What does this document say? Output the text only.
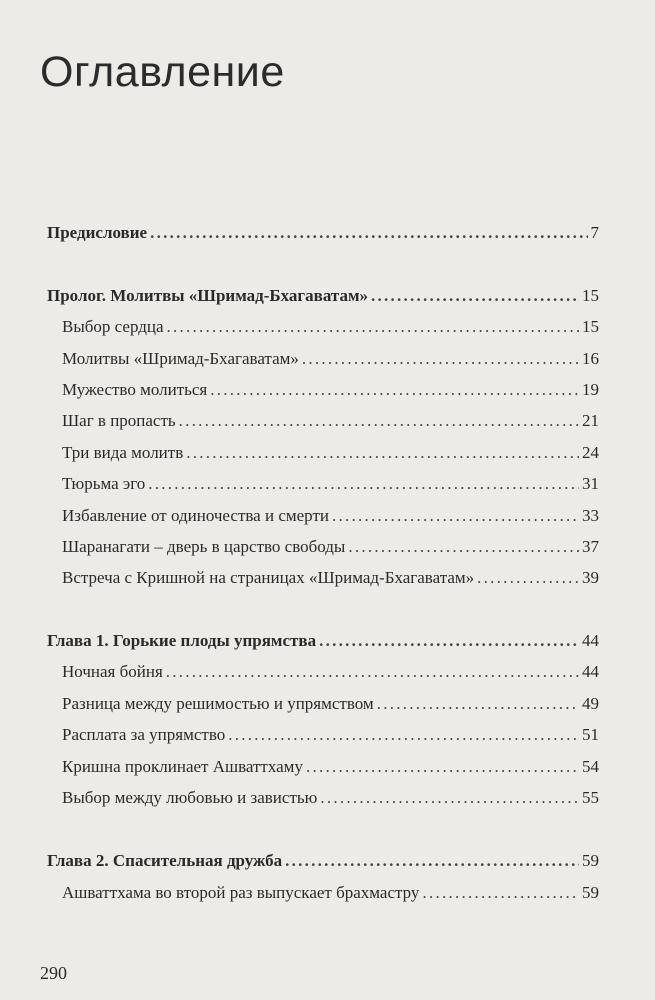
Оглавление
Предисловие . . .	7
Пролог. Молитвы «Шримад-Бхагаватам» . . .	15
Выбор сердца . . .	15
Молитвы «Шримад-Бхагаватам» . . .	16
Мужество молиться . . .	19
Шаг в пропасть . . .	21
Три вида молитв . . .	24
Тюрьма эго . . .	31
Избавление от одиночества и смерти . . .	33
Шаранагати – дверь в царство свободы . . .	37
Встреча с Кришной на страницах «Шримад-Бхагаватам» . . .	39
Глава 1. Горькие плоды упрямства . . .	44
Ночная бойня . . .	44
Разница между решимостью и упрямством . . .	49
Расплата за упрямство . . .	51
Кришна проклинает Ашваттхаму . . .	54
Выбор между любовью и завистью . . .	55
Глава 2. Спасительная дружба . . .	59
Ашваттхама во второй раз выпускает брахмастру . . .	59
290
